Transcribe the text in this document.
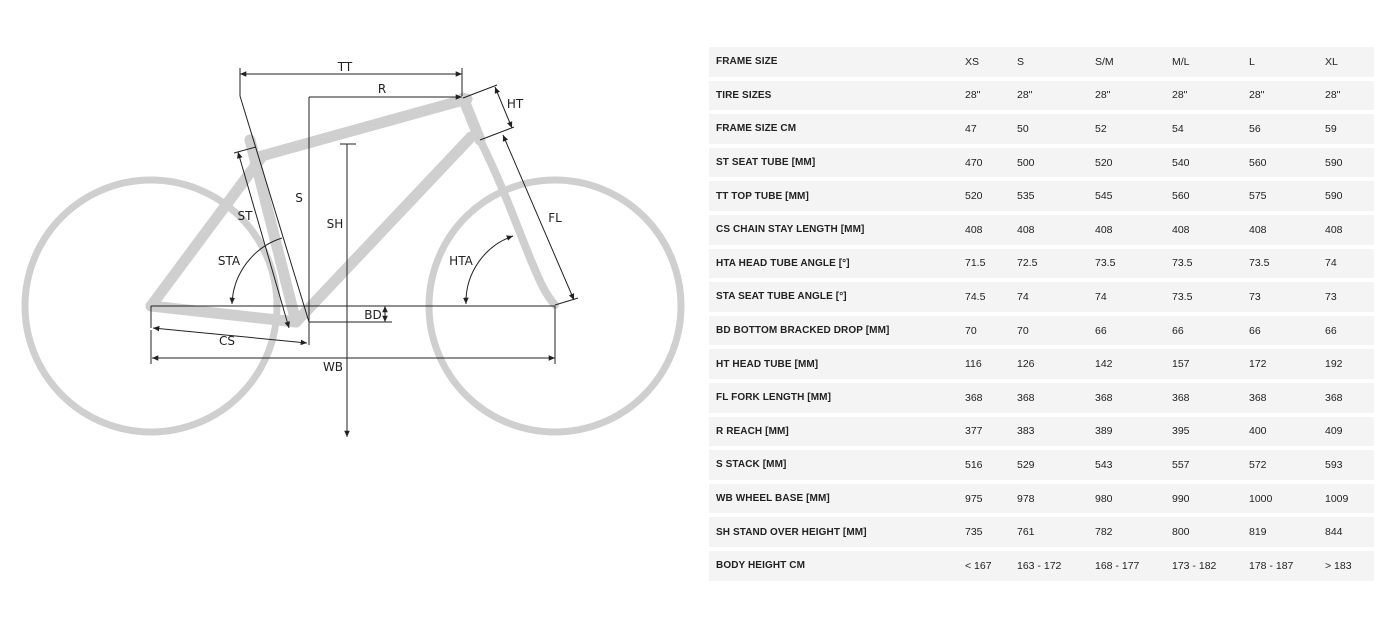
TT
R
HT
S
SH
ST
STA	HTA
FL
BD
CS
WB
FRAME SIZE	XS	S	S/M	M/L	L	XL
TIRE SIZES	28"	28"	28"	28"	28"	28"
FRAME SIZE CM	47	50	52	54	56	59
ST SEAT TUBE [MM]	470	500	520	540	560	590
TT TOP TUBE [MM]	520	535	545	560	575	590
CS CHAIN STAY LENGTH [MM]	408	408	408	408	408	408
HTA HEAD TUBE ANGLE [°]	71.5	72.5	73.5	73.5	73.5	74
STA SEAT TUBE ANGLE [°]	74.5	74	74	73.5	73	73
BD BOTTOM BRACKED DROP [MM]	70	70	66	66	66	66
HT HEAD TUBE [MM]	116	126	142	157	172	192
FL FORK LENGTH [MM]	368	368	368	368	368	368
R REACH [MM]	377	383	389	395	400	409
S STACK [MM]	516	529	543	557	572	593
WB WHEEL BASE [MM]	975	978	980	990	1000	1009
SH STAND OVER HEIGHT [MM]	735	761	782	800	819	844
BODY HEIGHT CM	< 167	163 - 172	168 - 177	173 - 182	178 - 187	> 183
